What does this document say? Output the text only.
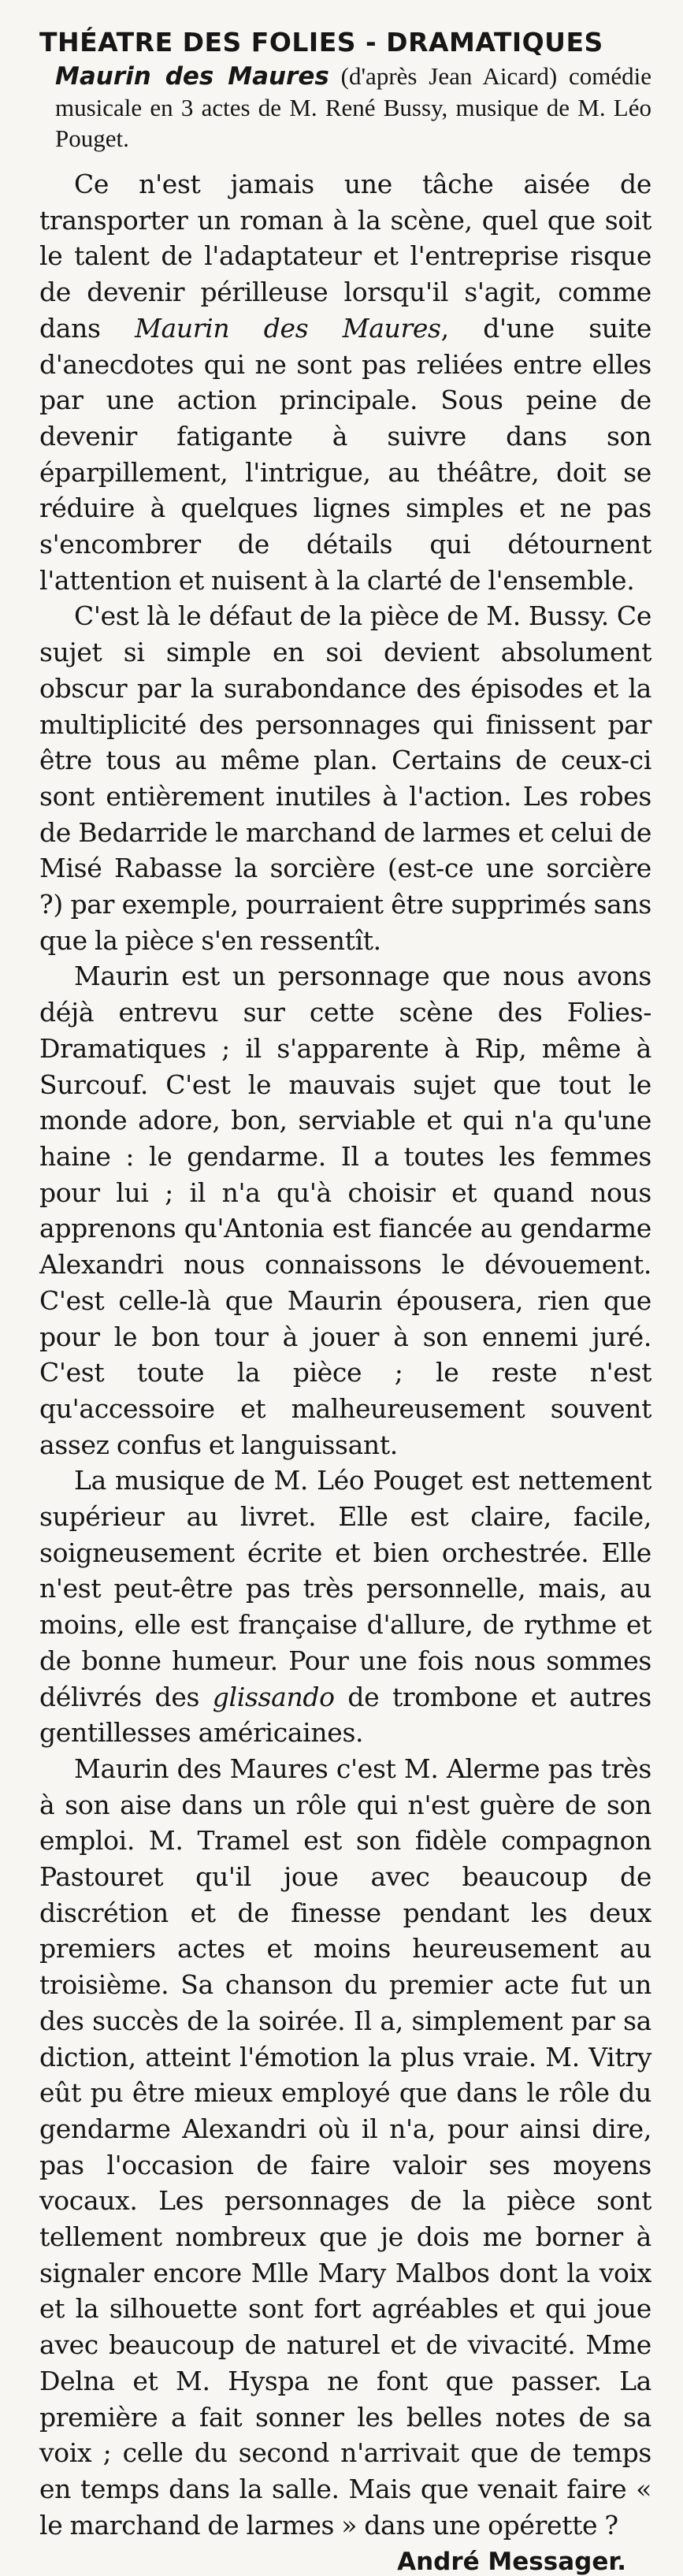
THÉATRE DES FOLIES - DRAMATIQUES

Maurin des Maures (d'après Jean Aicard) comédie musicale en 3 actes de M. René Bussy, musique de M. Léo Pouget.

Ce n'est jamais une tâche aisée de transporter un roman à la scène, quel que soit le talent de l'adaptateur et l'entreprise risque de devenir périlleuse lorsqu'il s'agit, comme dans Maurin des Maures, d'une suite d'anecdotes qui ne sont pas reliées entre elles par une action principale. Sous peine de devenir fatigante à suivre dans son éparpillement, l'intrigue, au théâtre, doit se réduire à quelques lignes simples et ne pas s'encombrer de détails qui détournent l'attention et nuisent à la clarté de l'ensemble.

C'est là le défaut de la pièce de M. Bussy. Ce sujet si simple en soi devient absolument obscur par la surabondance des épisodes et la multiplicité des personnages qui finissent par être tous au même plan. Certains de ceux-ci sont entièrement inutiles à l'action. Les robes de Bedarride le marchand de larmes et celui de Misé Rabasse la sorcière (est-ce une sorcière ?) par exemple, pourraient être supprimés sans que la pièce s'en ressentît.

Maurin est un personnage que nous avons déjà entrevu sur cette scène des Folies-Dramatiques ; il s'apparente à Rip, même à Surcouf. C'est le mauvais sujet que tout le monde adore, bon, serviable et qui n'a qu'une haine : le gendarme. Il a toutes les femmes pour lui ; il n'a qu'à choisir et quand nous apprenons qu'Antonia est fiancée au gendarme Alexandri nous connaissons le dévouement. C'est celle-là que Maurin épousera, rien que pour le bon tour à jouer à son ennemi juré. C'est toute la pièce ; le reste n'est qu'accessoire et malheureusement souvent assez confus et languissant.

La musique de M. Léo Pouget est nettement supérieur au livret. Elle est claire, facile, soigneusement écrite et bien orchestrée. Elle n'est peut-être pas très personnelle, mais, au moins, elle est française d'allure, de rythme et de bonne humeur. Pour une fois nous sommes délivrés des glissando de trombone et autres gentillesses américaines.

Maurin des Maures c'est M. Alerme pas très à son aise dans un rôle qui n'est guère de son emploi. M. Tramel est son fidèle compagnon Pastouret qu'il joue avec beaucoup de discrétion et de finesse pendant les deux premiers actes et moins heureusement au troisième. Sa chanson du premier acte fut un des succès de la soirée. Il a, simplement par sa diction, atteint l'émotion la plus vraie. M. Vitry eût pu être mieux employé que dans le rôle du gendarme Alexandri où il n'a, pour ainsi dire, pas l'occasion de faire valoir ses moyens vocaux. Les personnages de la pièce sont tellement nombreux que je dois me borner à signaler encore Mlle Mary Malbos dont la voix et la silhouette sont fort agréables et qui joue avec beaucoup de naturel et de vivacité. Mme Delna et M. Hyspa ne font que passer. La première a fait sonner les belles notes de sa voix ; celle du second n'arrivait que de temps en temps dans la salle. Mais que venait faire « le marchand de larmes » dans une opérette ?

André Messager.
